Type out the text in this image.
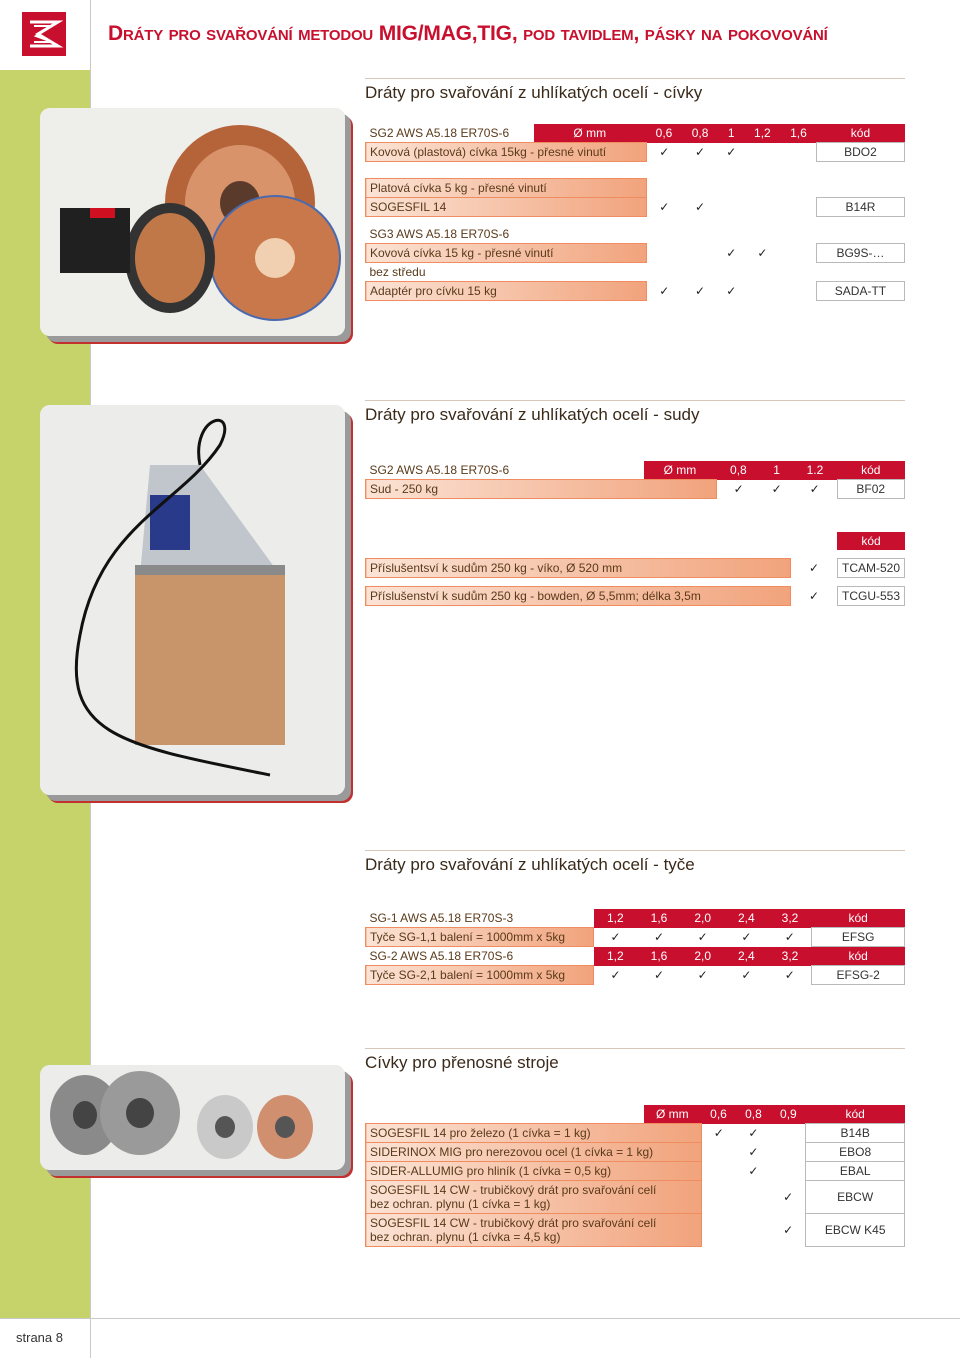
Dráty pro svařování metodou MIG/MAG,TIG, pod tavidlem, pásky na pokovování
Dráty pro svařování z uhlíkatých ocelí - cívky
SG2 AWS A5.18 ER70S-6	Ø mm	0,6	0,8	1	1,2	1,6	kód
Kovová (plastová) cívka 15kg - přesné vinutí		✓	✓	✓			BDO2

Platová cívka 5 kg - přesné vinutí							
SOGESFIL 14		✓	✓				B14R

SG3 AWS A5.18 ER70S-6							
Kovová cívka 15 kg - přesné vinutí				✓	✓		BG9S-…
bez středu							
Adaptér pro cívku 15 kg		✓	✓	✓			SADA-TT
Dráty pro svařování z uhlíkatých ocelí - sudy
SG2 AWS A5.18 ER70S-6	Ø mm	0,8	1	1.2	kód
Sud - 250 kg		✓	✓	✓	BF02
		kód

Příslušentsví k sudům 250 kg - víko, Ø 520 mm	✓	TCAM-520

Příslušenství k sudům 250 kg - bowden, Ø 5,5mm; délka 3,5m	✓	TCGU-553
Dráty pro svařování z uhlíkatých ocelí - tyče
SG-1 AWS A5.18 ER70S-3	1,2	1,6	2,0	2,4	3,2	kód
Tyče SG-1,1 balení = 1000mm x 5kg	✓	✓	✓	✓	✓	EFSG
SG-2 AWS A5.18 ER70S-6	1,2	1,6	2,0	2,4	3,2	kód
Tyče SG-2,1 balení = 1000mm x 5kg	✓	✓	✓	✓	✓	EFSG-2
Cívky pro přenosné stroje
	Ø mm	0,6	0,8	0,9	kód
SOGESFIL 14 pro železo (1 cívka = 1 kg)		✓	✓		B14B
SIDERINOX MIG pro nerezovou ocel (1 cívka = 1 kg)			✓		EBO8
SIDER-ALLUMIG pro hliník (1 cívka = 0,5 kg)			✓		EBAL

SOGESFIL 14 CW - trubičkový drát pro svařování celí
bez ochran. plynu (1 cívka = 1 kg)				✓	EBCW

SOGESFIL 14 CW - trubičkový drát pro svařování celí
bez ochran. plynu (1 cívka = 4,5 kg)				✓	EBCW K45
strana 8
